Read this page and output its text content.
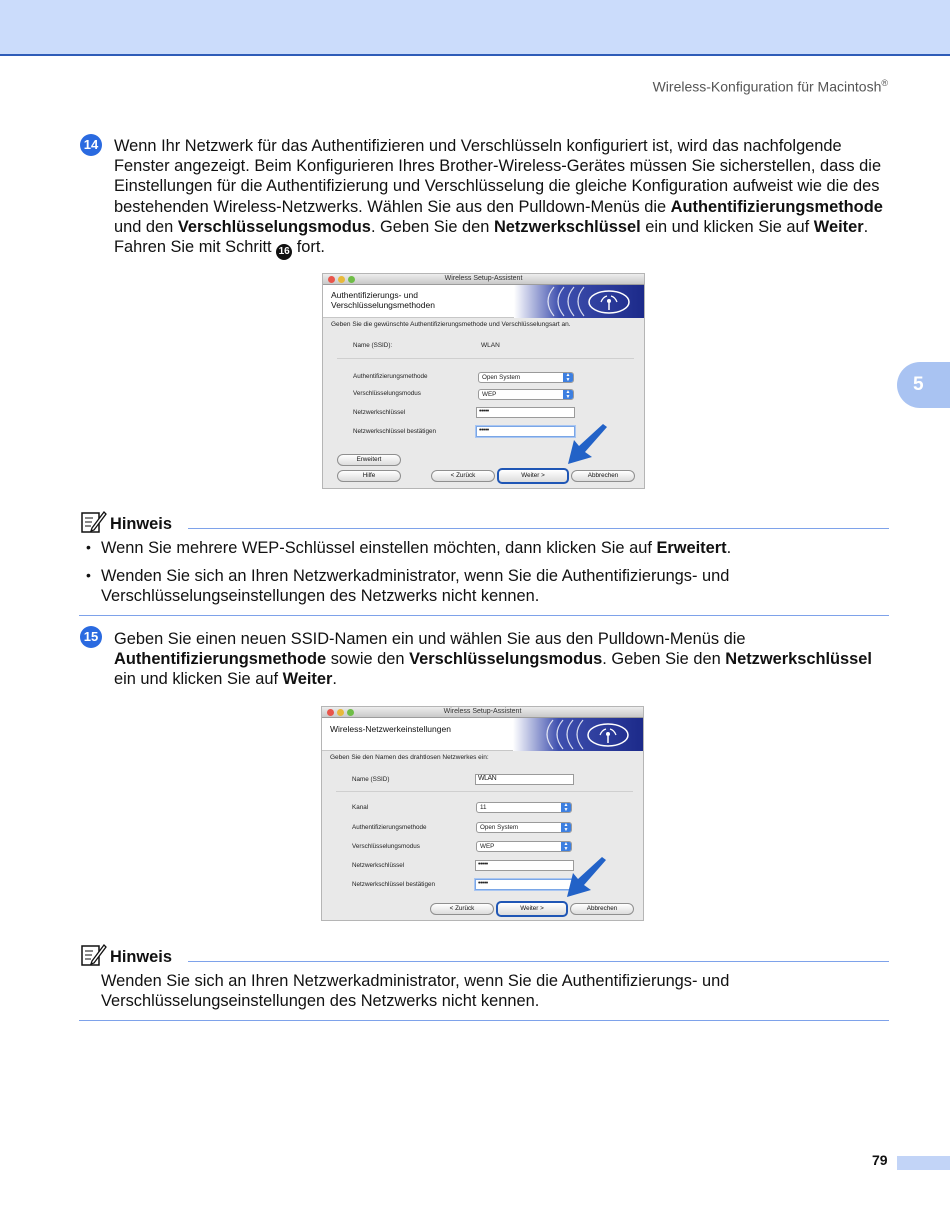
Wireless-Konfiguration für Macintosh®
5
14 Wenn Ihr Netzwerk für das Authentifizieren und Verschlüsseln konfiguriert ist, wird das nachfolgende Fenster angezeigt. Beim Konfigurieren Ihres Brother-Wireless-Gerätes müssen Sie sicherstellen, dass die Einstellungen für die Authentifizierung und Verschlüsselung die gleiche Konfiguration aufweist wie die des bestehenden Wireless-Netzwerks. Wählen Sie aus den Pulldown-Menüs die Authentifizierungsmethode und den Verschlüsselungsmodus. Geben Sie den Netzwerkschlüssel ein und klicken Sie auf Weiter. Fahren Sie mit Schritt 16 fort.
Wireless Setup-Assistent
Authentifizierungs- und
Verschlüsselungsmethoden
Geben Sie die gewünschte Authentifizierungsmethode und Verschlüsselungsart an.
Name (SSID):	WLAN
Authentifizierungsmethode	Open System	▲
▼
Verschlüsselungsmodus	WEP	▲
▼
Netzwerkschlüssel	•••••
Netzwerkschlüssel bestätigen	•••••
Erweitert
Hilfe	< Zurück	Weiter >	Abbrechen
Hinweis
• Wenn Sie mehrere WEP-Schlüssel einstellen möchten, dann klicken Sie auf Erweitert.
• Wenden Sie sich an Ihren Netzwerkadministrator, wenn Sie die Authentifizierungs- und
Verschlüsselungseinstellungen des Netzwerks nicht kennen.
15 Geben Sie einen neuen SSID-Namen ein und wählen Sie aus den Pulldown-Menüs die Authentifizierungsmethode sowie den Verschlüsselungsmodus. Geben Sie den Netzwerkschlüssel ein und klicken Sie auf Weiter.
Wireless Setup-Assistent
Wireless-Netzwerkeinstellungen
Geben Sie den Namen des drahtlosen Netzwerkes ein:
Name (SSID)	WLAN
Kanal	11	▲
▼
Authentifizierungsmethode	Open System	▲
▼
Verschlüsselungsmodus	WEP	▲
▼
Netzwerkschlüssel	•••••
Netzwerkschlüssel bestätigen	•••••
< Zurück	Weiter >	Abbrechen
Hinweis
Wenden Sie sich an Ihren Netzwerkadministrator, wenn Sie die Authentifizierungs- und
Verschlüsselungseinstellungen des Netzwerks nicht kennen.
79
